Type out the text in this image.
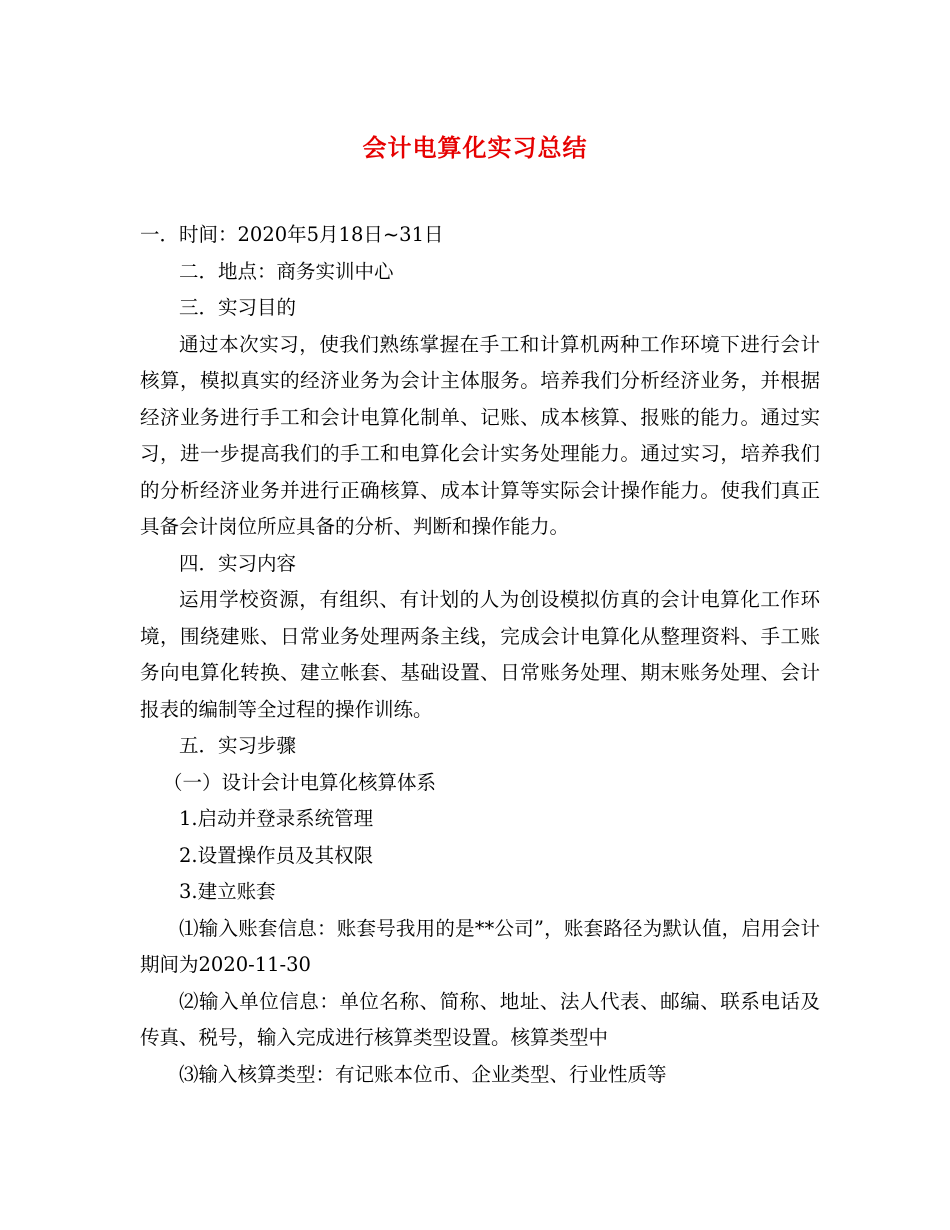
会计电算化实习总结

一．时间：2020年5月18日~31日

二．地点：商务实训中心

三．实习目的

通过本次实习，使我们熟练掌握在手工和计算机两种工作环境下进行会计核算，模拟真实的经济业务为会计主体服务。培养我们分析经济业务，并根据经济业务进行手工和会计电算化制单、记账、成本核算、报账的能力。通过实习，进一步提高我们的手工和电算化会计实务处理能力。通过实习，培养我们的分析经济业务并进行正确核算、成本计算等实际会计操作能力。使我们真正具备会计岗位所应具备的分析、判断和操作能力。

四．实习内容

运用学校资源，有组织、有计划的人为创设模拟仿真的会计电算化工作环境，围绕建账、日常业务处理两条主线，完成会计电算化从整理资料、手工账务向电算化转换、建立帐套、基础设置、日常账务处理、期末账务处理、会计报表的编制等全过程的操作训练。

五．实习步骤

（一）设计会计电算化核算体系

1.启动并登录系统管理

2.设置操作员及其权限

3.建立账套

⑴输入账套信息：账套号我用的是**公司”，账套路径为默认值，启用会计期间为2020-11-30

⑵输入单位信息：单位名称、简称、地址、法人代表、邮编、联系电话及传真、税号，输入完成进行核算类型设置。核算类型中

⑶输入核算类型：有记账本位币、企业类型、行业性质等
